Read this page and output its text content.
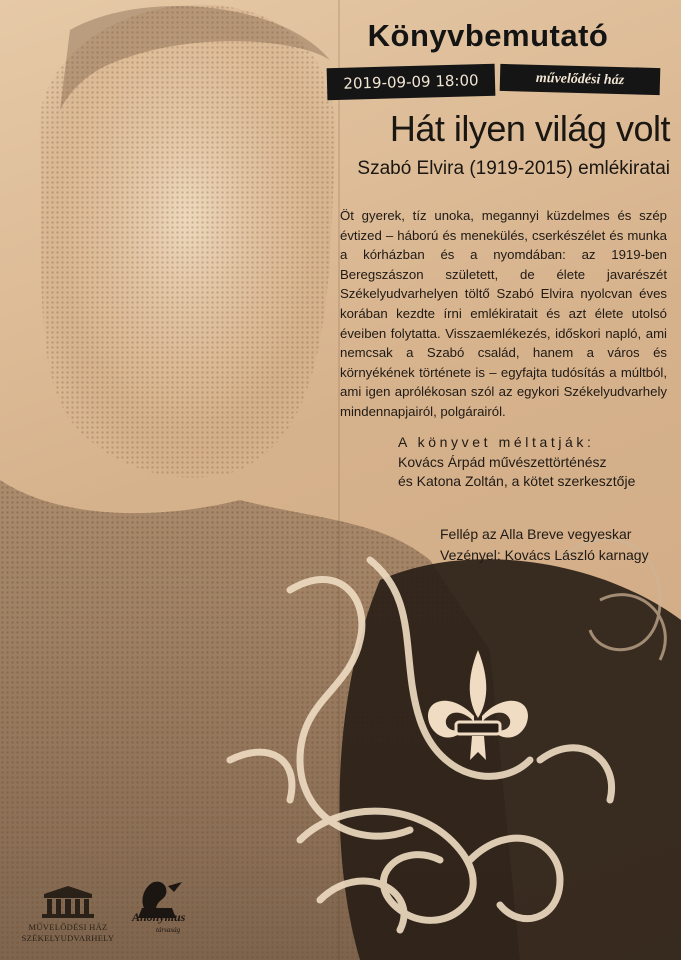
Könyvbemutató
2019-09-09 18:00	művelődési ház
Hát ilyen világ volt
Szabó Elvira (1919-2015) emlékiratai
Öt gyerek, tíz unoka, megannyi küzdelmes és szép évtized – háború és menekülés, cserkészélet és munka a kórházban és a nyomdában: az 1919-ben Beregszászon született, de élete javarészét Székelyudvarhelyen töltő Szabó Elvira nyolcvan éves korában kezdte írni emlékiratait és azt élete utolsó éveiben folytatta. Visszaemlékezés, időskori napló, ami nemcsak a Szabó család, hanem a város és környékének története is – egyfajta tudósítás a múltból, ami igen aprólékosan szól az egykori Székelyudvarhely mindennapjairól, polgárairól.
A könyvet méltatják:
Kovács Árpád művészettörténész
és Katona Zoltán, a kötet szerkesztője
Fellép az Alla Breve vegyeskar
Vezényel: Kovács László karnagy
MŰVELŐDÉSI HÁZ
SZÉKELYUDVARHELY
Anonymus
társaság
